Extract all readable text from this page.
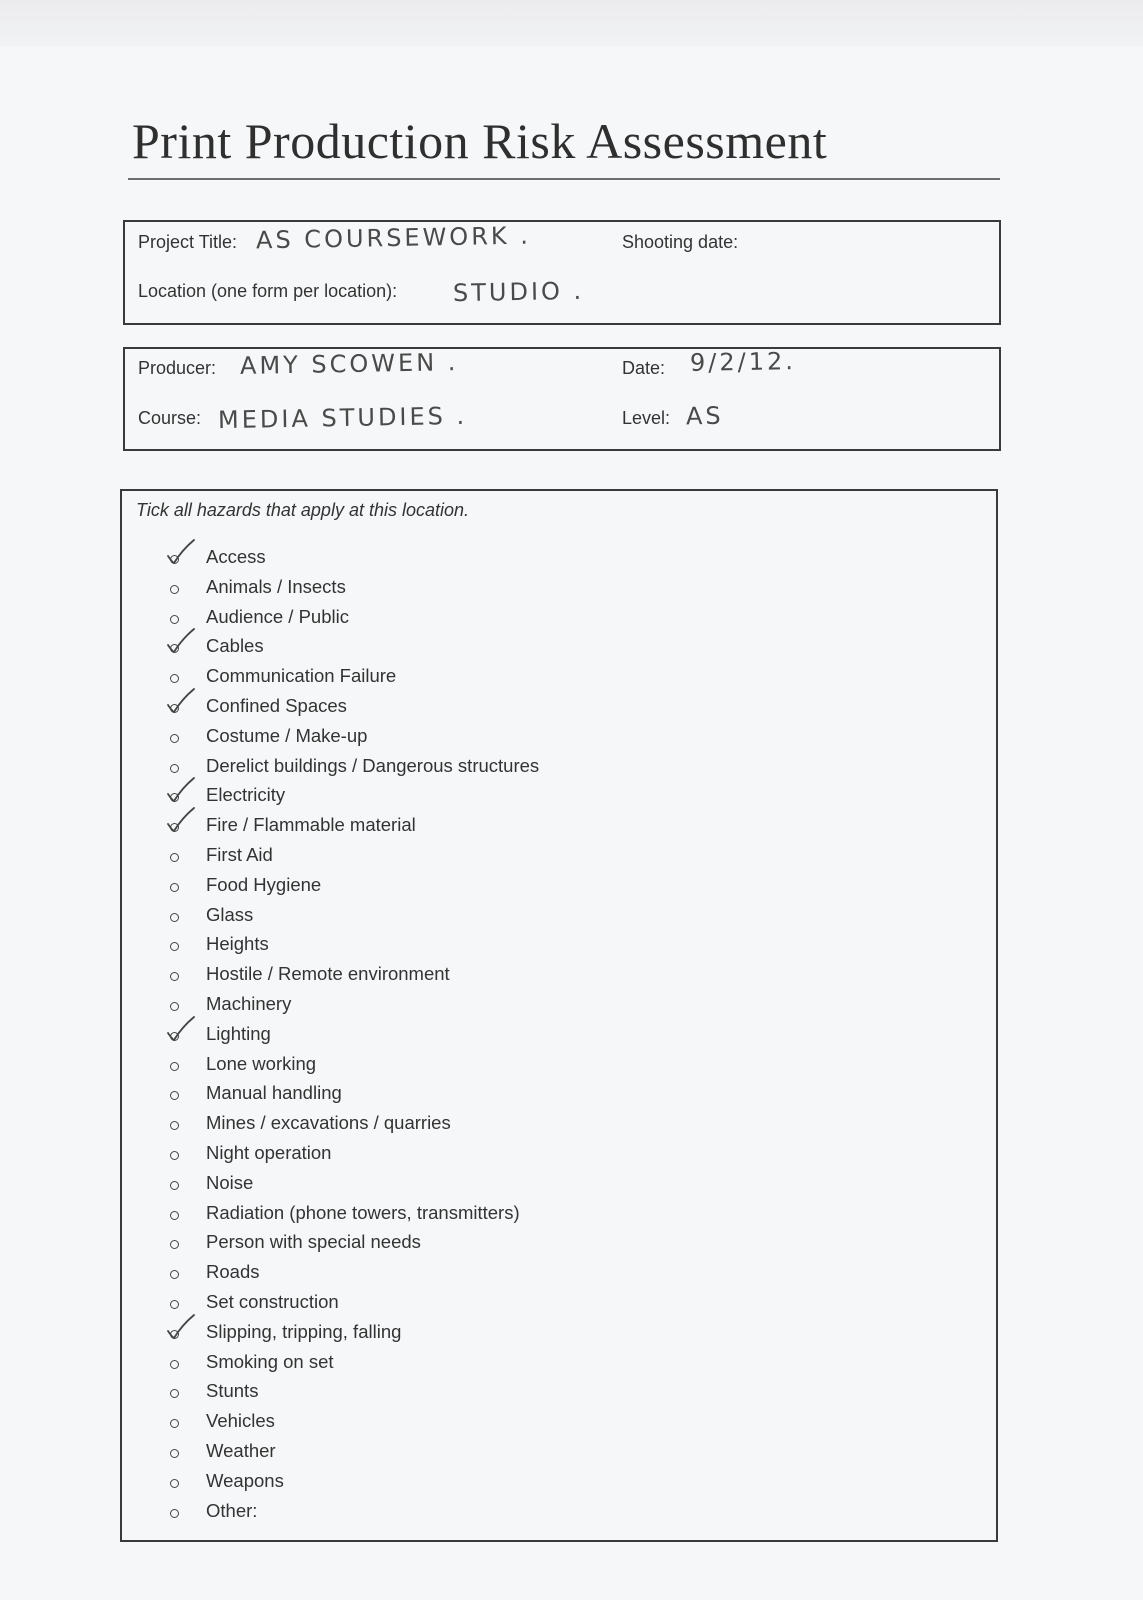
Print Production Risk Assessment
Project Title: AS COURSEWORK .	Shooting date:
Location (one form per location): STUDIO .
Producer: AMY SCOWEN .	Date: 9/2/12.
Course: MEDIA STUDIES .	Level: AS
Tick all hazards that apply at this location.
Access
Animals / Insects
Audience / Public
Cables
Communication Failure
Confined Spaces
Costume / Make-up
Derelict buildings / Dangerous structures
Electricity
Fire / Flammable material
First Aid
Food Hygiene
Glass
Heights
Hostile / Remote environment
Machinery
Lighting
Lone working
Manual handling
Mines / excavations / quarries
Night operation
Noise
Radiation (phone towers, transmitters)
Person with special needs
Roads
Set construction
Slipping, tripping, falling
Smoking on set
Stunts
Vehicles
Weather
Weapons
Other:
